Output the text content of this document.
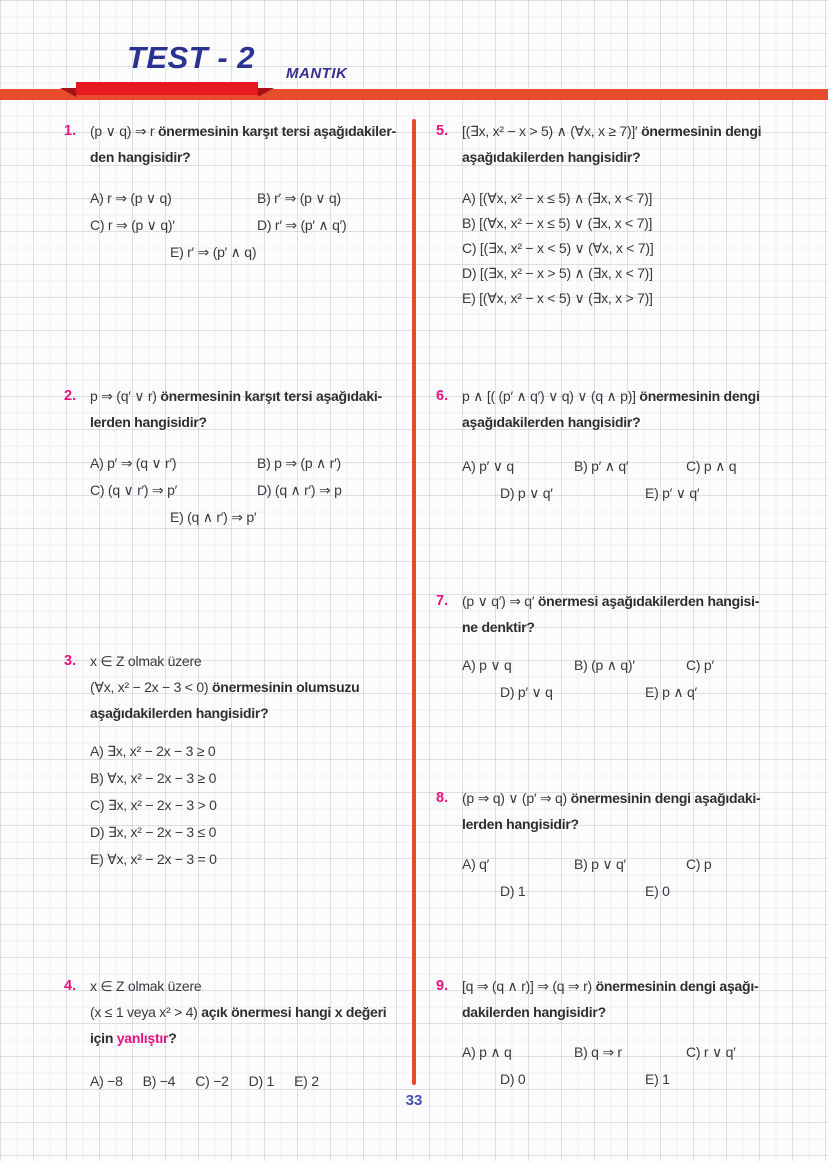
TEST - 2 MANTIK
1. (p ∨ q) ⇒ r önermesinin karşıt tersi aşağıdakiler-
den hangisidir?
A) r ⇒ (p ∨ q)	B) r′ ⇒ (p ∨ q)
C) r ⇒ (p ∨ q)′	D) r′ ⇒ (p′ ∧ q′)
E) r′ ⇒ (p′ ∧ q)
2. p ⇒ (q′ ∨ r) önermesinin karşıt tersi aşağıdaki-
lerden hangisidir?
A) p′ ⇒ (q ∨ r′)	B) p ⇒ (p ∧ r′)
C) (q ∨ r′) ⇒ p′	D) (q ∧ r′) ⇒ p
E) (q ∧ r′) ⇒ p′
3. x ∈ Z olmak üzere
(∀x, x² − 2x − 3 < 0) önermesinin olumsuzu
aşağıdakilerden hangisidir?
A) ∃x, x² − 2x − 3 ≥ 0
B) ∀x, x² − 2x − 3 ≥ 0
C) ∃x, x² − 2x − 3 > 0
D) ∃x, x² − 2x − 3 ≤ 0
E) ∀x, x² − 2x − 3 = 0
4. x ∈ Z olmak üzere
(x ≤ 1 veya x² > 4) açık önermesi hangi x değeri
için yanlıştır?
A) −8 B) −4 C) −2 D) 1 E) 2
5. [(∃x, x² − x > 5) ∧ (∀x, x ≥ 7)]′ önermesinin dengi
aşağıdakilerden hangisidir?
A) [(∀x, x² − x ≤ 5) ∧ (∃x, x < 7)]
B) [(∀x, x² − x ≤ 5) ∨ (∃x, x < 7)]
C) [(∃x, x² − x < 5) ∨ (∀x, x < 7)]
D) [(∃x, x² − x > 5) ∧ (∃x, x < 7)]
E) [(∀x, x² − x < 5) ∨ (∃x, x > 7)]
6. p ∧ [( (p′ ∧ q′) ∨ q) ∨ (q ∧ p)] önermesinin dengi
aşağıdakilerden hangisidir?
A) p′ ∨ q	B) p′ ∧ q′	C) p ∧ q
D) p ∨ q′	E) p′ ∨ q′
7. (p ∨ q′) ⇒ q′ önermesi aşağıdakilerden hangisi-
ne denktir?
A) p ∨ q	B) (p ∧ q)′	C) p′
D) p′ ∨ q	E) p ∧ q′
8. (p ⇒ q) ∨ (p′ ⇒ q) önermesinin dengi aşağıdaki-
lerden hangisidir?
A) q′	B) p ∨ q′	C) p
D) 1	E) 0
9. [q ⇒ (q ∧ r)] ⇒ (q ⇒ r) önermesinin dengi aşağı-
dakilerden hangisidir?
A) p ∧ q	B) q ⇒ r	C) r ∨ q′
D) 0	E) 1
33
